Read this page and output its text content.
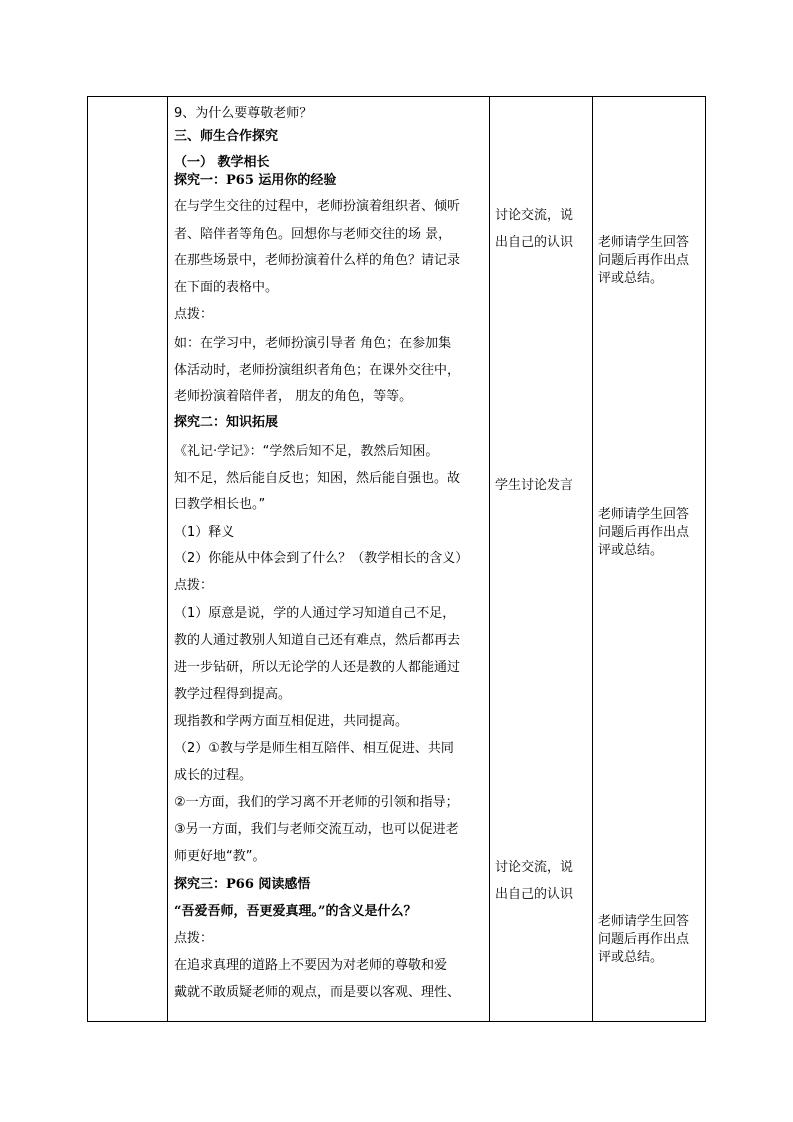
9、为什么要尊敬老师？
三、师生合作探究
（一） 教学相长
探究一：P65 运用你的经验
在与学生交往的过程中，老师扮演着组织者、倾听
者、陪伴者等角色。回想你与老师交往的场 景，
在那些场景中，老师扮演着什么样的角色？请记录
在下面的表格中。
点拨：
如：在学习中，老师扮演引导者 角色；在参加集
体活动时，老师扮演组织者角色；在课外交往中，
老师扮演着陪伴者， 朋友的角色，等等。
探究二：知识拓展
《礼记·学记》：“学然后知不足，教然后知困。
知不足，然后能自反也；知困，然后能自强也。故
曰教学相长也。”
（1）释义
（2）你能从中体会到了什么？（教学相长的含义）
点拨：
（1）原意是说，学的人通过学习知道自己不足，
教的人通过教别人知道自己还有难点，然后都再去
进一步钻研，所以无论学的人还是教的人都能通过
教学过程得到提高。
现指教和学两方面互相促进，共同提高。
（2）①教与学是师生相互陪伴、相互促进、共同
成长的过程。
②一方面，我们的学习离不开老师的引领和指导；
③另一方面，我们与老师交流互动，也可以促进老
师更好地“教”。
探究三：P66 阅读感悟
“吾爱吾师，吾更爱真理。”的含义是什么？
点拨：
在追求真理的道路上不要因为对老师的尊敬和爱
戴就不敢质疑老师的观点，而是要以客观、理性、
讨论交流，说
出自己的认识
学生讨论发言
讨论交流，说
出自己的认识
老师请学生回答
问题后再作出点
评或总结。
老师请学生回答
问题后再作出点
评或总结。
老师请学生回答
问题后再作出点
评或总结。
